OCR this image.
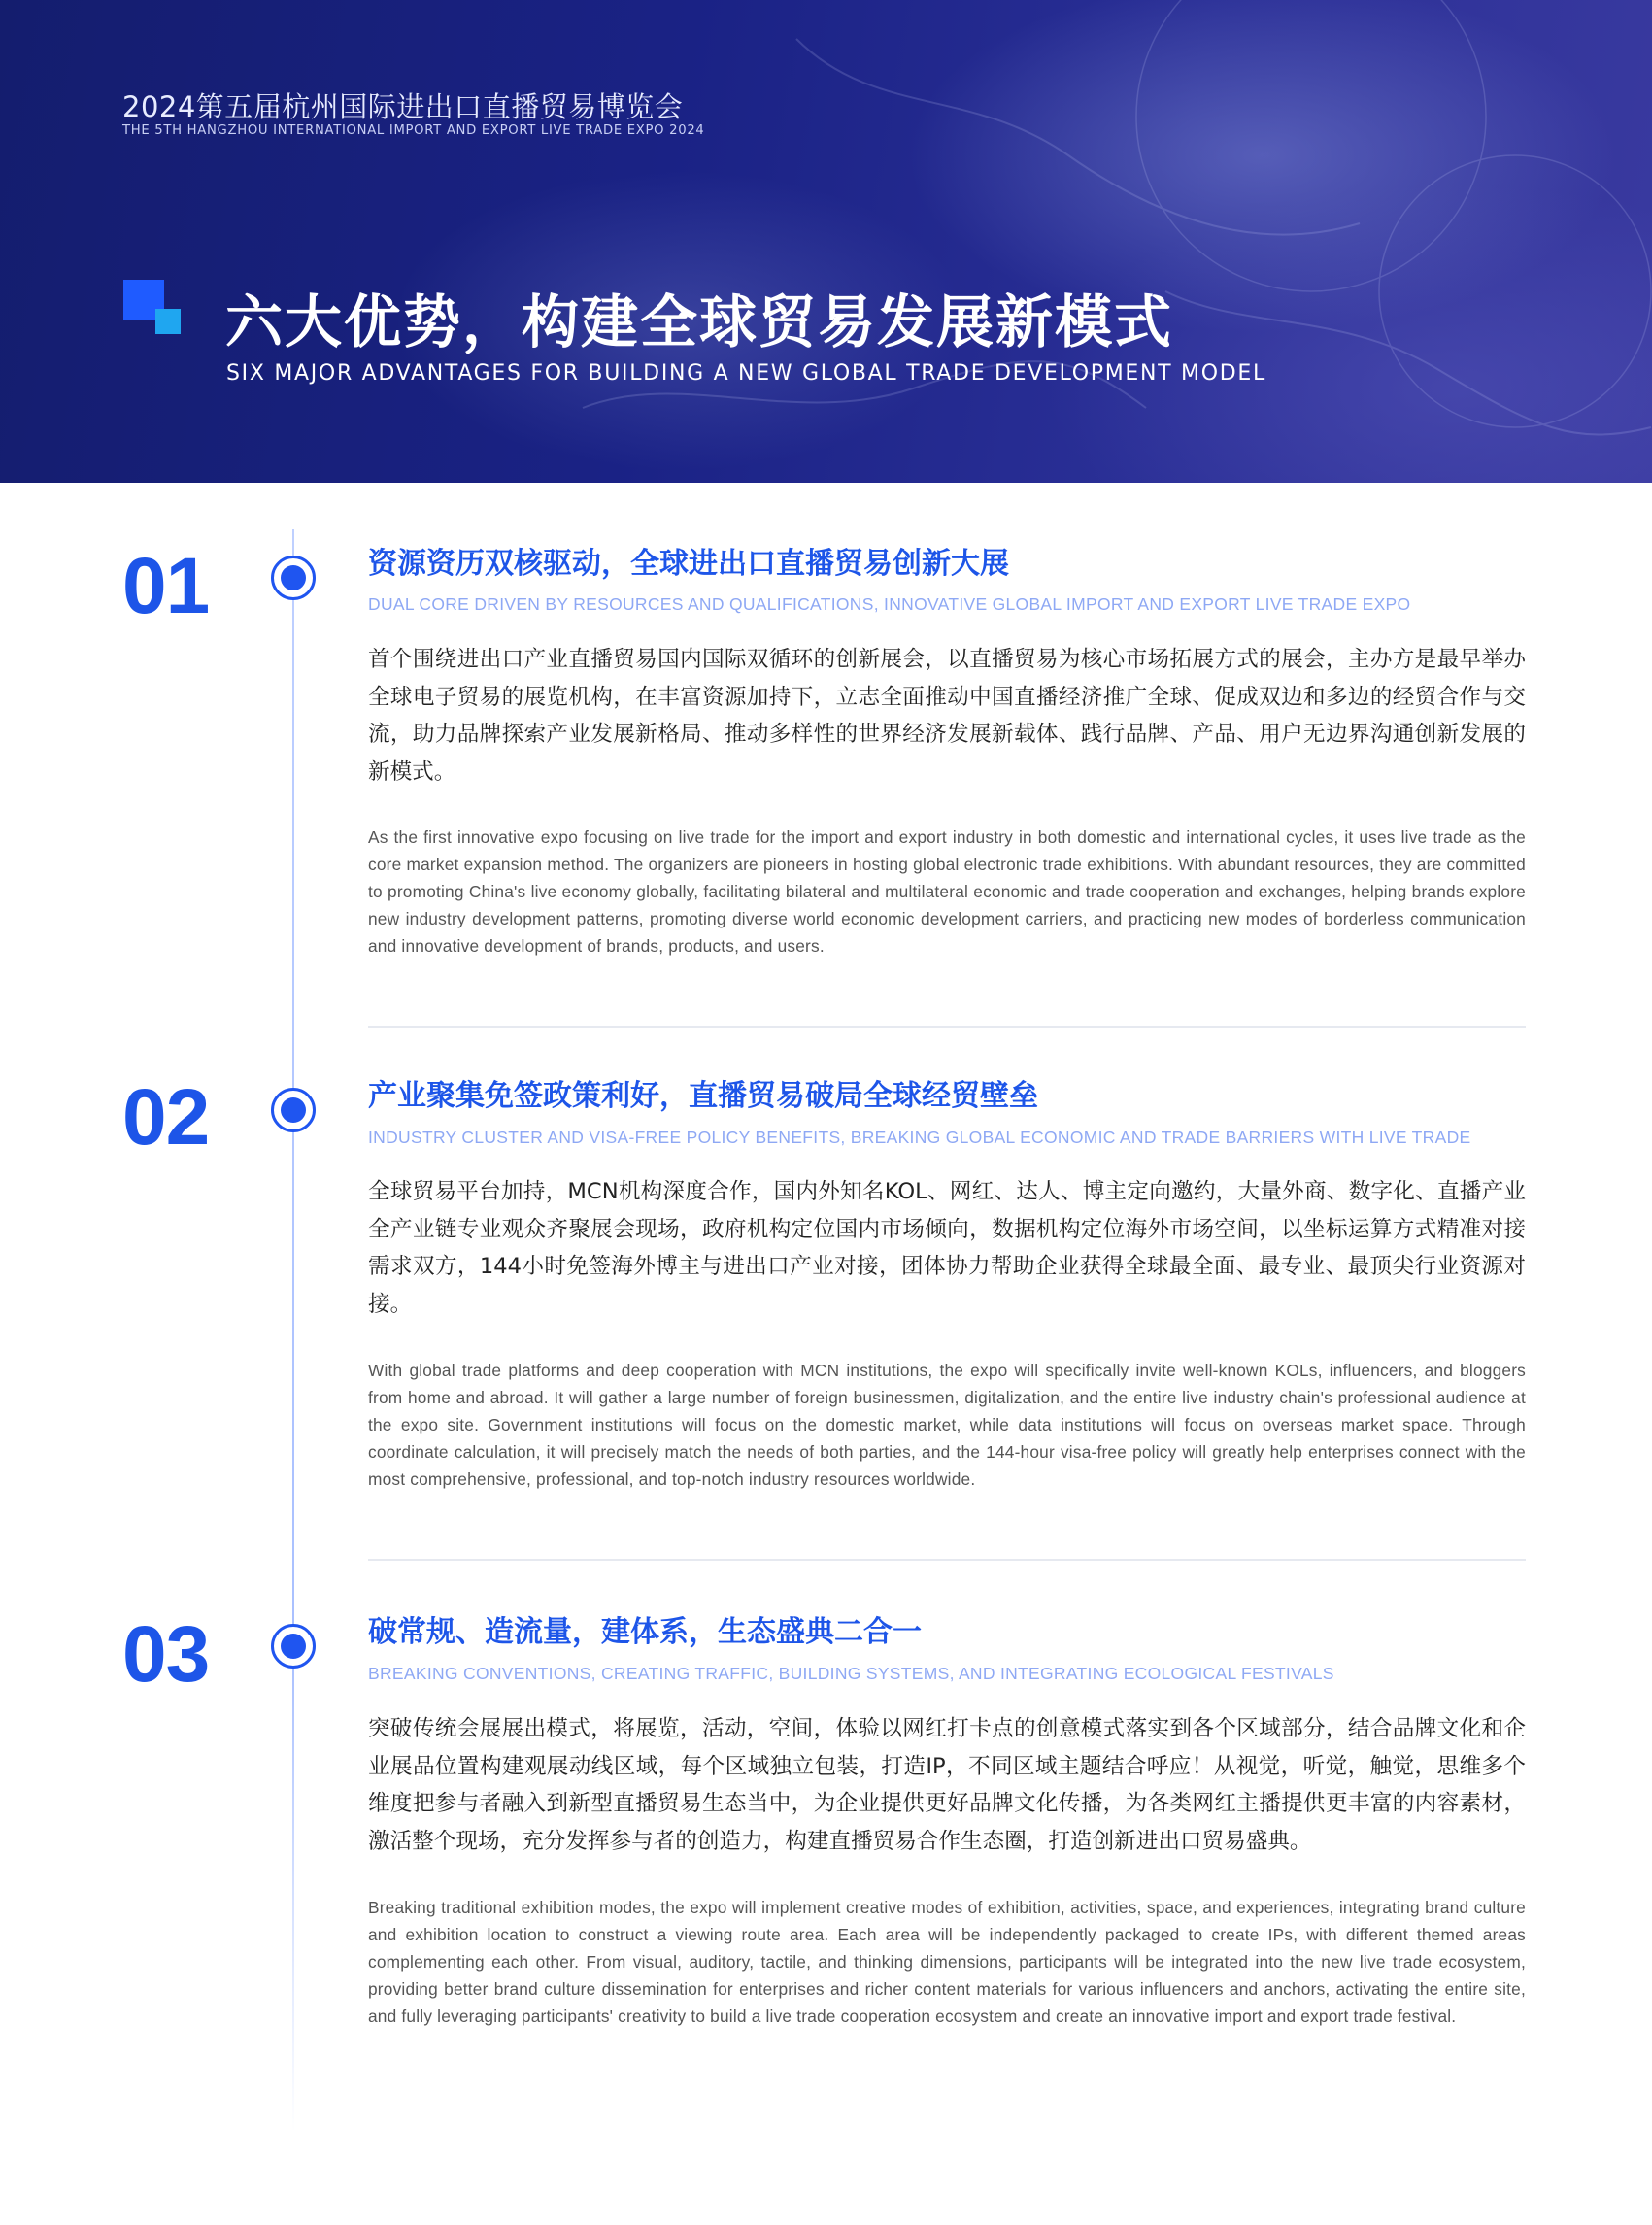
2024第五届杭州国际进出口直播贸易博览会
THE 5TH HANGZHOU INTERNATIONAL IMPORT AND EXPORT LIVE TRADE EXPO 2024
六大优势，构建全球贸易发展新模式
SIX MAJOR ADVANTAGES FOR BUILDING A NEW GLOBAL TRADE DEVELOPMENT MODEL
01	资源资历双核驱动，全球进出口直播贸易创新大展
DUAL CORE DRIVEN BY RESOURCES AND QUALIFICATIONS, INNOVATIVE GLOBAL IMPORT AND EXPORT LIVE TRADE EXPO
首个围绕进出口产业直播贸易国内国际双循环的创新展会，以直播贸易为核心市场拓展方式的展会，主办方是最早举办全球电子贸易的展览机构，在丰富资源加持下，立志全面推动中国直播经济推广全球、促成双边和多边的经贸合作与交流，助力品牌探索产业发展新格局、推动多样性的世界经济发展新载体、践行品牌、产品、用户无边界沟通创新发展的新模式。
As the first innovative expo focusing on live trade for the import and export industry in both domestic and international cycles, it uses live trade as the core market expansion method. The organizers are pioneers in hosting global electronic trade exhibitions. With abundant resources, they are committed to promoting China's live economy globally, facilitating bilateral and multilateral economic and trade cooperation and exchanges, helping brands explore new industry development patterns, promoting diverse world economic development carriers, and practicing new modes of borderless communication and innovative development of brands, products, and users.
02	产业聚集免签政策利好，直播贸易破局全球经贸壁垒
INDUSTRY CLUSTER AND VISA-FREE POLICY BENEFITS, BREAKING GLOBAL ECONOMIC AND TRADE BARRIERS WITH LIVE TRADE
全球贸易平台加持，MCN机构深度合作，国内外知名KOL、网红、达人、博主定向邀约，大量外商、数字化、直播产业全产业链专业观众齐聚展会现场，政府机构定位国内市场倾向，数据机构定位海外市场空间，以坐标运算方式精准对接需求双方，144小时免签海外博主与进出口产业对接，团体协力帮助企业获得全球最全面、最专业、最顶尖行业资源对接。
With global trade platforms and deep cooperation with MCN institutions, the expo will specifically invite well-known KOLs, influencers, and bloggers from home and abroad. It will gather a large number of foreign businessmen, digitalization, and the entire live industry chain's professional audience at the expo site. Government institutions will focus on the domestic market, while data institutions will focus on overseas market space. Through coordinate calculation, it will precisely match the needs of both parties, and the 144-hour visa-free policy will greatly help enterprises connect with the most comprehensive, professional, and top-notch industry resources worldwide.
03	破常规、造流量，建体系，生态盛典二合一
BREAKING CONVENTIONS, CREATING TRAFFIC, BUILDING SYSTEMS, AND INTEGRATING ECOLOGICAL FESTIVALS
突破传统会展展出模式，将展览，活动，空间，体验以网红打卡点的创意模式落实到各个区域部分，结合品牌文化和企业展品位置构建观展动线区域，每个区域独立包装，打造IP，不同区域主题结合呼应！从视觉，听觉，触觉，思维多个维度把参与者融入到新型直播贸易生态当中，为企业提供更好品牌文化传播，为各类网红主播提供更丰富的内容素材，激活整个现场，充分发挥参与者的创造力，构建直播贸易合作生态圈，打造创新进出口贸易盛典。
Breaking traditional exhibition modes, the expo will implement creative modes of exhibition, activities, space, and experiences, integrating brand culture and exhibition location to construct a viewing route area. Each area will be independently packaged to create IPs, with different themed areas complementing each other. From visual, auditory, tactile, and thinking dimensions, participants will be integrated into the new live trade ecosystem, providing better brand culture dissemination for enterprises and richer content materials for various influencers and anchors, activating the entire site, and fully leveraging participants' creativity to build a live trade cooperation ecosystem and create an innovative import and export trade festival.
